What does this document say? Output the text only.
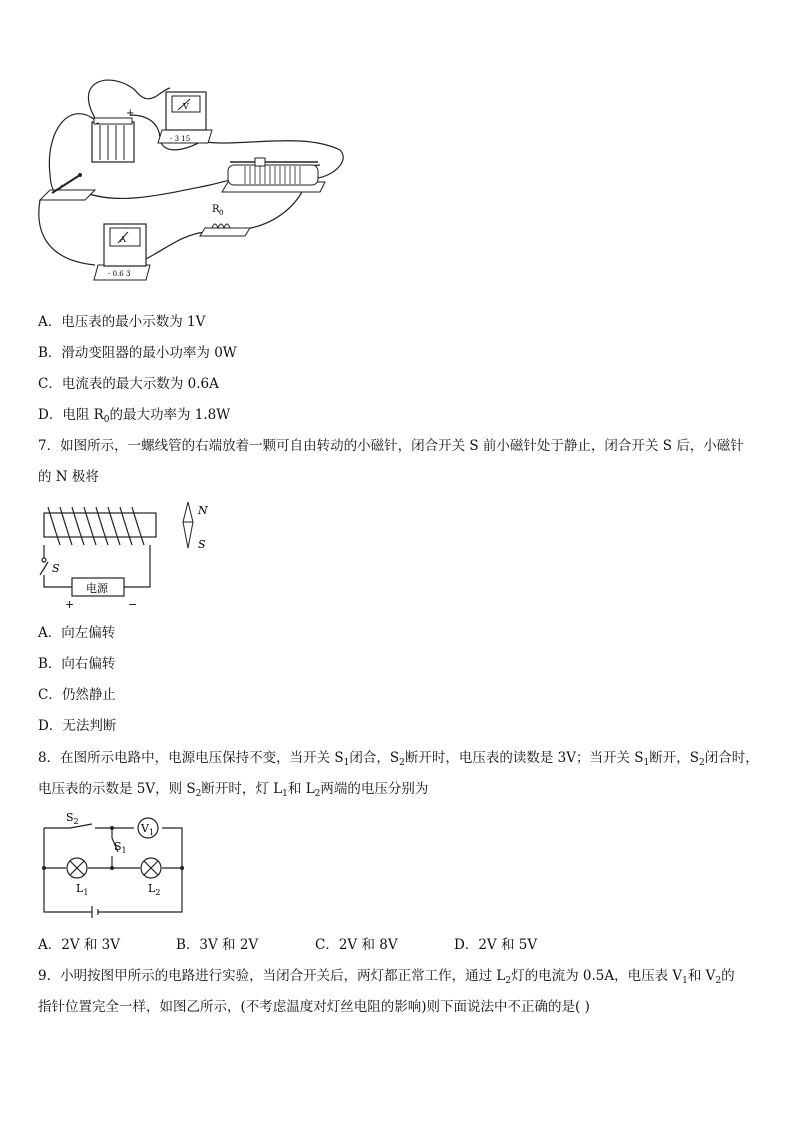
-
+
V
- 3 15
R 0
A
- 0.6 3
A．电压表的最小示数为 1V
B．滑动变阻器的最小功率为 0W
C．电流表的最大示数为 0.6A
D．电阻 $R_0$的最大功率为 1.8W
7．如图所示，一螺线管的右端放着一颗可自由转动的小磁针，闭合开关 S 前小磁针处于静止，闭合开关 S 后，小磁针
的 N 极将
S
电源
+	−
N
S
A．向左偏转
B．向右偏转
C．仍然静止
D．无法判断
8．在图所示电路中，电源电压保持不变，当开关 $S_1$闭合，$S_2$断开时，电压表的读数是 3V；当开关 $S_1$断开，$S_2$闭合时，
电压表的示数是 5V，则 $S_2$断开时，灯 $L_1$和 $L_2$两端的电压分别为
$S_2$
$S_1$
$V_1$
$L_1$	$L_2$
A．2V 和 3V	B．3V 和 2V	C．2V 和 8V	D．2V 和 5V
9．小明按图甲所示的电路进行实验，当闭合开关后，两灯都正常工作，通过 $L_2$灯的电流为 0.5A，电压表 $V_1$和 $V_2$的
指针位置完全一样，如图乙所示，(不考虑温度对灯丝电阻的影响)则下面说法中不正确的是( )
